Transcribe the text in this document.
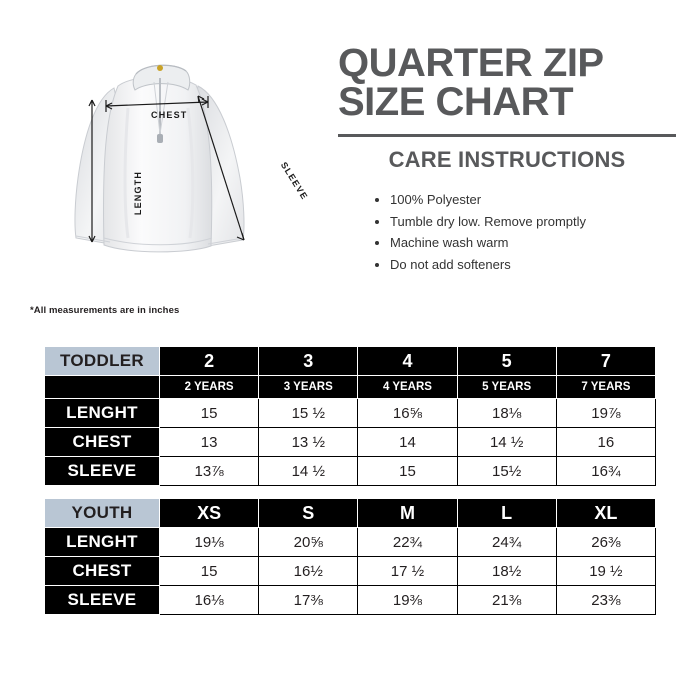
CHEST
LENGTH	SLEEVE
*All measurements are in inches
QUARTER ZIP
SIZE CHART
CARE INSTRUCTIONS
• 100% Polyester
• Tumble dry low. Remove promptly
• Machine wash warm
• Do not add softeners
TODDLER	2	3	4	5	7
	2 YEARS	3 YEARS	4 YEARS	5 YEARS	7 YEARS
LENGHT	15	15 ½	16⅝	18⅛	19⅞
CHEST	13	13 ½	14	14 ½	16
SLEEVE	13⅞	14 ½	15	15½	16¾

YOUTH	XS	S	M	L	XL
LENGHT	19⅛	20⅝	22¾	24¾	26⅜
CHEST	15	16½	17 ½	18½	19 ½
SLEEVE	16⅛	17⅜	19⅜	21⅜	23⅜
